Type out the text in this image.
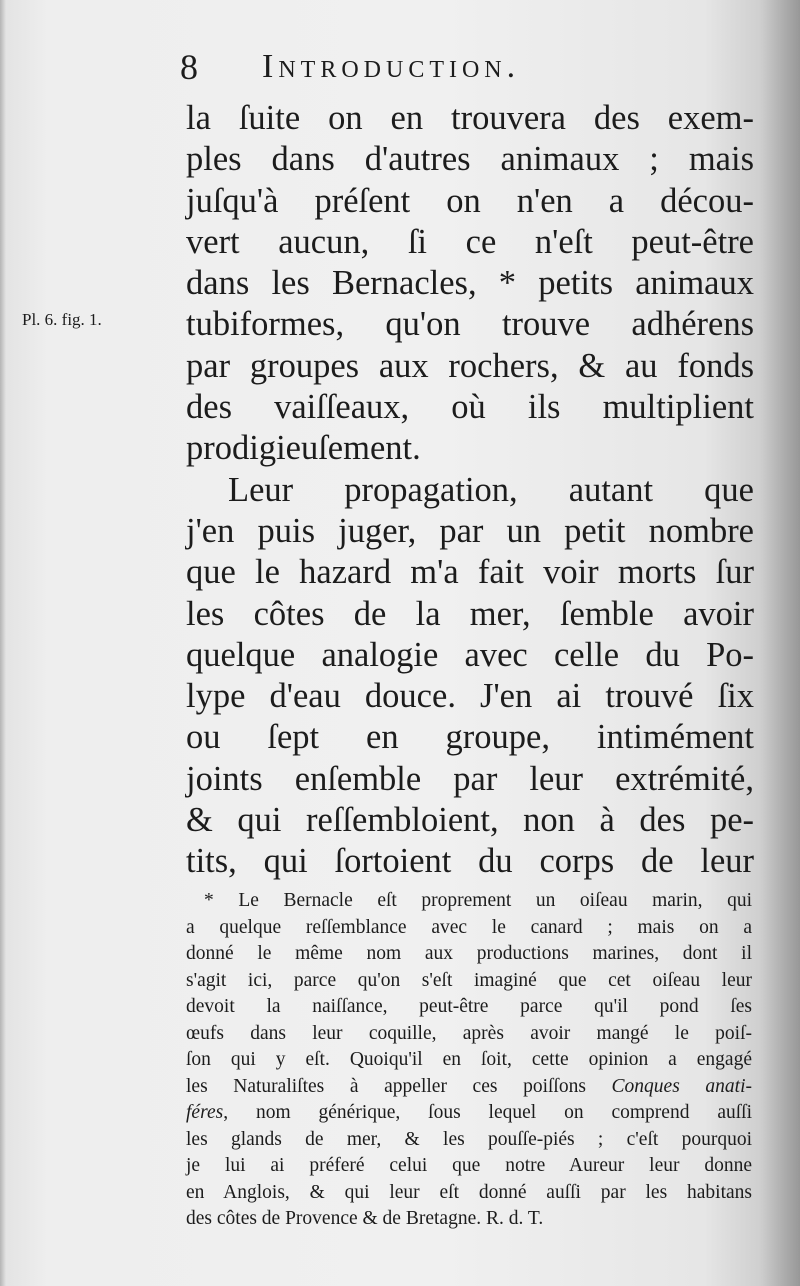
8 Introduction.
Pl. 6. fig. 1.
la ſuite on en trouvera des exem-
ples dans d'autres animaux ; mais
juſqu'à préſent on n'en a décou-
vert aucun, ſi ce n'eſt peut-être
dans les Bernacles, * petits animaux
tubiformes, qu'on trouve adhérens
par groupes aux rochers, & au fonds
des vaiſſeaux, où ils multiplient
prodigieuſement.
Leur propagation, autant que
j'en puis juger, par un petit nombre
que le hazard m'a fait voir morts ſur
les côtes de la mer, ſemble avoir
quelque analogie avec celle du Po-
lype d'eau douce. J'en ai trouvé ſix
ou ſept en groupe, intimément
joints enſemble par leur extrémité,
& qui reſſembloient, non à des pe-
tits, qui ſortoient du corps de leur
* Le Bernacle eſt proprement un oiſeau marin, qui
a quelque reſſemblance avec le canard ; mais on a
donné le même nom aux productions marines, dont il
s'agit ici, parce qu'on s'eſt imaginé que cet oiſeau leur
devoit la naiſſance, peut-être parce qu'il pond ſes
œufs dans leur coquille, après avoir mangé le poiſ-
ſon qui y eſt. Quoiqu'il en ſoit, cette opinion a engagé
les Naturaliſtes à appeller ces poiſſons Conques anati-
féres, nom générique, ſous lequel on comprend auſſi
les glands de mer, & les pouſſe-piés ; c'eſt pourquoi
je lui ai préferé celui que notre Aureur leur donne
en Anglois, & qui leur eſt donné auſſi par les habitans
des côtes de Provence & de Bretagne. R. d. T.
